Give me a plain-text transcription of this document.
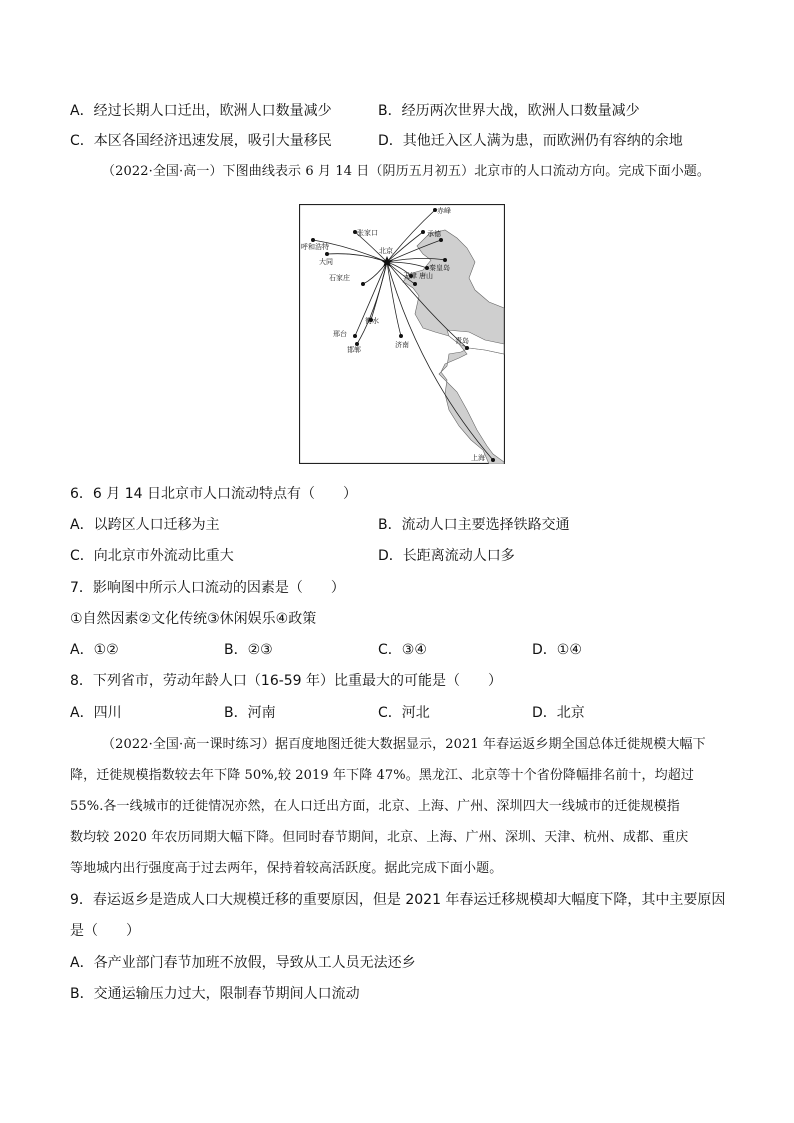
A．经过长期人口迁出，欧洲人口数量减少	B．经历两次世界大战，欧洲人口数量减少
C．本区各国经济迅速发展，吸引大量移民	D．其他迁入区人满为患，而欧洲仍有容纳的余地
（2022·全国·高一）下图曲线表示 6 月 14 日（阴历五月初五）北京市的人口流动方向。完成下面小题。
赤峰
承德
张家口
呼和浩特
大同
北京
秦皇岛
天津 唐山
石家庄
衡水
邢台
邯郸
济南	青岛
上海
6．6 月 14 日北京市人口流动特点有（　　）
A．以跨区人口迁移为主	B．流动人口主要选择铁路交通
C．向北京市外流动比重大	D．长距离流动人口多
7．影响图中所示人口流动的因素是（　　）
①自然因素②文化传统③休闲娱乐④政策
A．①②	B．②③	C．③④	D．①④
8．下列省市，劳动年龄人口（16-59 年）比重最大的可能是（　　）
A．四川	B．河南	C．河北	D．北京
（2022·全国·高一课时练习）据百度地图迁徙大数据显示，2021 年春运返乡期全国总体迁徙规模大幅下
降，迁徙规模指数较去年下降 50%,较 2019 年下降 47%。黑龙江、北京等十个省份降幅排名前十，均超过
55%.各一线城市的迁徙情况亦然，在人口迁出方面，北京、上海、广州、深圳四大一线城市的迁徙规模指
数均较 2020 年农历同期大幅下降。但同时春节期间，北京、上海、广州、深圳、天津、杭州、成都、重庆
等地城内出行强度高于过去两年，保持着较高活跃度。据此完成下面小题。
9．春运返乡是造成人口大规模迁移的重要原因，但是 2021 年春运迁移规模却大幅度下降，其中主要原因
是（　　）
A．各产业部门春节加班不放假，导致从工人员无法还乡
B．交通运输压力过大，限制春节期间人口流动
